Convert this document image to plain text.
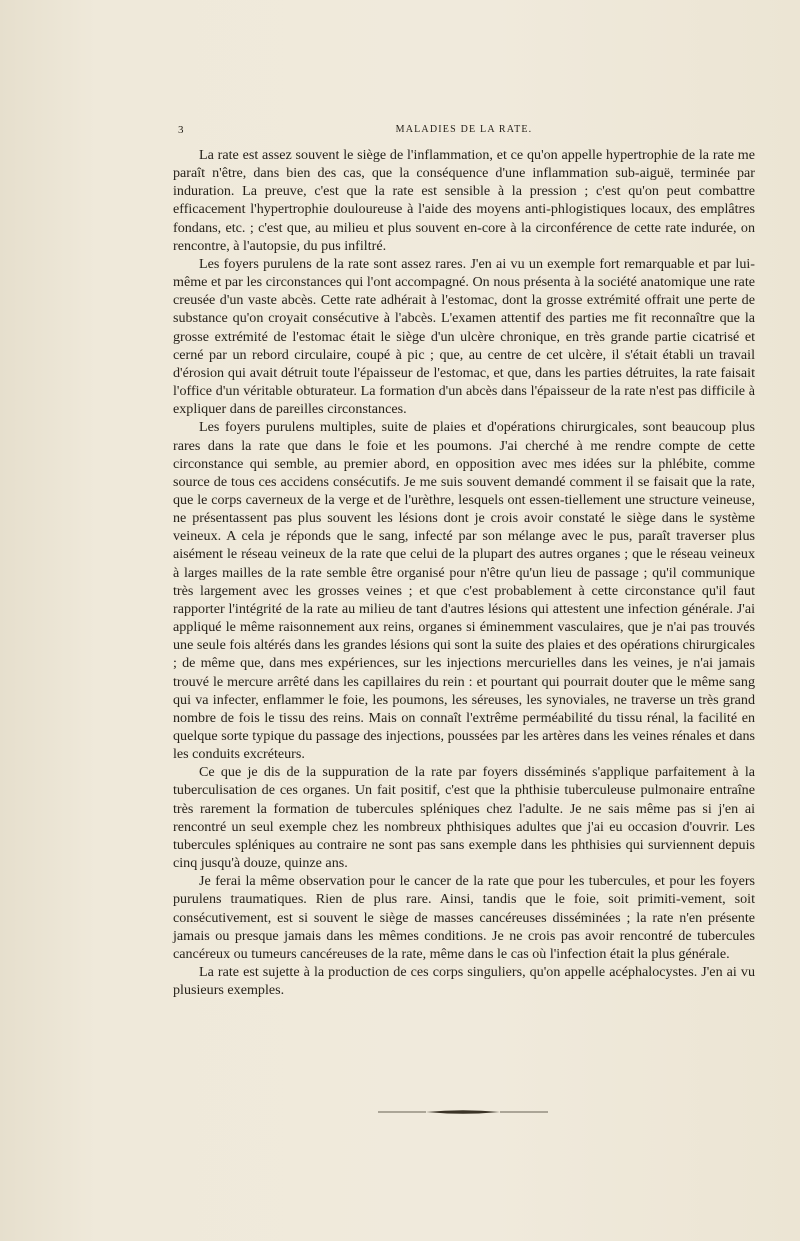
3	MALADIES DE LA RATE.

La rate est assez souvent le siège de l'inflammation, et ce qu'on appelle hypertrophie de la rate me paraît n'être, dans bien des cas, que la conséquence d'une inflammation sub-aiguë, terminée par induration. La preuve, c'est que la rate est sensible à la pression ; c'est qu'on peut combattre efficacement l'hypertrophie douloureuse à l'aide des moyens anti-phlogistiques locaux, des emplâtres fondans, etc. ; c'est que, au milieu et plus souvent en-core à la circonférence de cette rate indurée, on rencontre, à l'autopsie, du pus infiltré.

Les foyers purulens de la rate sont assez rares. J'en ai vu un exemple fort remarquable et par lui-même et par les circonstances qui l'ont accompagné. On nous présenta à la société anatomique une rate creusée d'un vaste abcès. Cette rate adhérait à l'estomac, dont la grosse extrémité offrait une perte de substance qu'on croyait consécutive à l'abcès. L'examen attentif des parties me fit reconnaître que la grosse extrémité de l'estomac était le siège d'un ulcère chronique, en très grande partie cicatrisé et cerné par un rebord circulaire, coupé à pic ; que, au centre de cet ulcère, il s'était établi un travail d'érosion qui avait détruit toute l'épaisseur de l'estomac, et que, dans les parties détruites, la rate faisait l'office d'un véritable obturateur. La formation d'un abcès dans l'épaisseur de la rate n'est pas difficile à expliquer dans de pareilles circonstances.

Les foyers purulens multiples, suite de plaies et d'opérations chirurgicales, sont beaucoup plus rares dans la rate que dans le foie et les poumons. J'ai cherché à me rendre compte de cette circonstance qui semble, au premier abord, en opposition avec mes idées sur la phlébite, comme source de tous ces accidens consécutifs. Je me suis souvent demandé comment il se faisait que la rate, que le corps caverneux de la verge et de l'urèthre, lesquels ont essen-tiellement une structure veineuse, ne présentassent pas plus souvent les lésions dont je crois avoir constaté le siège dans le système veineux. A cela je réponds que le sang, infecté par son mélange avec le pus, paraît traverser plus aisément le réseau veineux de la rate que celui de la plupart des autres organes ; que le réseau veineux à larges mailles de la rate semble être organisé pour n'être qu'un lieu de passage ; qu'il communique très largement avec les grosses veines ; et que c'est probablement à cette circonstance qu'il faut rapporter l'intégrité de la rate au milieu de tant d'autres lésions qui attestent une infection générale. J'ai appliqué le même raisonnement aux reins, organes si éminemment vasculaires, que je n'ai pas trouvés une seule fois altérés dans les grandes lésions qui sont la suite des plaies et des opérations chirurgicales ; de même que, dans mes expériences, sur les injections mercurielles dans les veines, je n'ai jamais trouvé le mercure arrêté dans les capillaires du rein : et pourtant qui pourrait douter que le même sang qui va infecter, enflammer le foie, les poumons, les séreuses, les synoviales, ne traverse un très grand nombre de fois le tissu des reins. Mais on connaît l'extrême perméabilité du tissu rénal, la facilité en quelque sorte typique du passage des injections, poussées par les artères dans les veines rénales et dans les conduits excréteurs.

Ce que je dis de la suppuration de la rate par foyers disséminés s'applique parfaitement à la tuberculisation de ces organes. Un fait positif, c'est que la phthisie tuberculeuse pulmonaire entraîne très rarement la formation de tubercules spléniques chez l'adulte. Je ne sais même pas si j'en ai rencontré un seul exemple chez les nombreux phthisiques adultes que j'ai eu occasion d'ouvrir. Les tubercules spléniques au contraire ne sont pas sans exemple dans les phthisies qui surviennent depuis cinq jusqu'à douze, quinze ans.

Je ferai la même observation pour le cancer de la rate que pour les tubercules, et pour les foyers purulens traumatiques. Rien de plus rare. Ainsi, tandis que le foie, soit primiti-vement, soit consécutivement, est si souvent le siège de masses cancéreuses disséminées ; la rate n'en présente jamais ou presque jamais dans les mêmes conditions. Je ne crois pas avoir rencontré de tubercules cancéreux ou tumeurs cancéreuses de la rate, même dans le cas où l'infection était la plus générale.

La rate est sujette à la production de ces corps singuliers, qu'on appelle acéphalocystes. J'en ai vu plusieurs exemples.
